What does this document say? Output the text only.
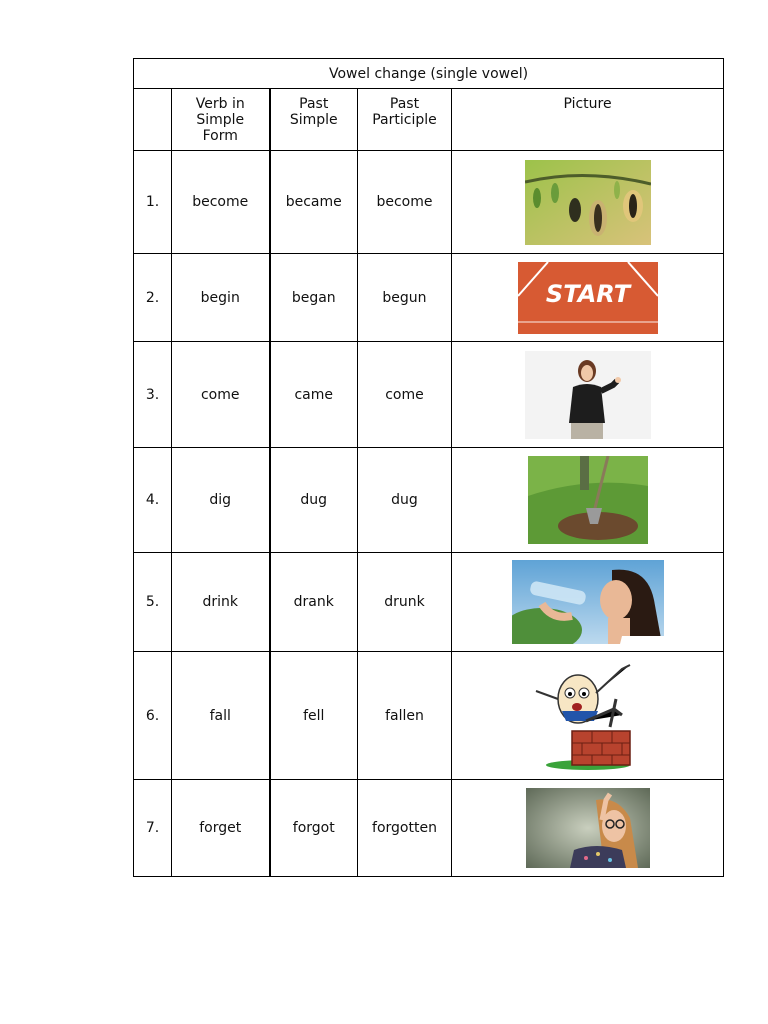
Vowel change (single vowel)				

	Verb in
Simple
Form	Past
Simple	Past
Participle	Picture
1.	become	became	become	

2.	begin	began	begun	START

3.	come	came	come	

4.	dig	dug	dug	

5.	drink	drank	drunk	

6.	fall	fell	fallen	

7.	forget	forgot	forgotten	
